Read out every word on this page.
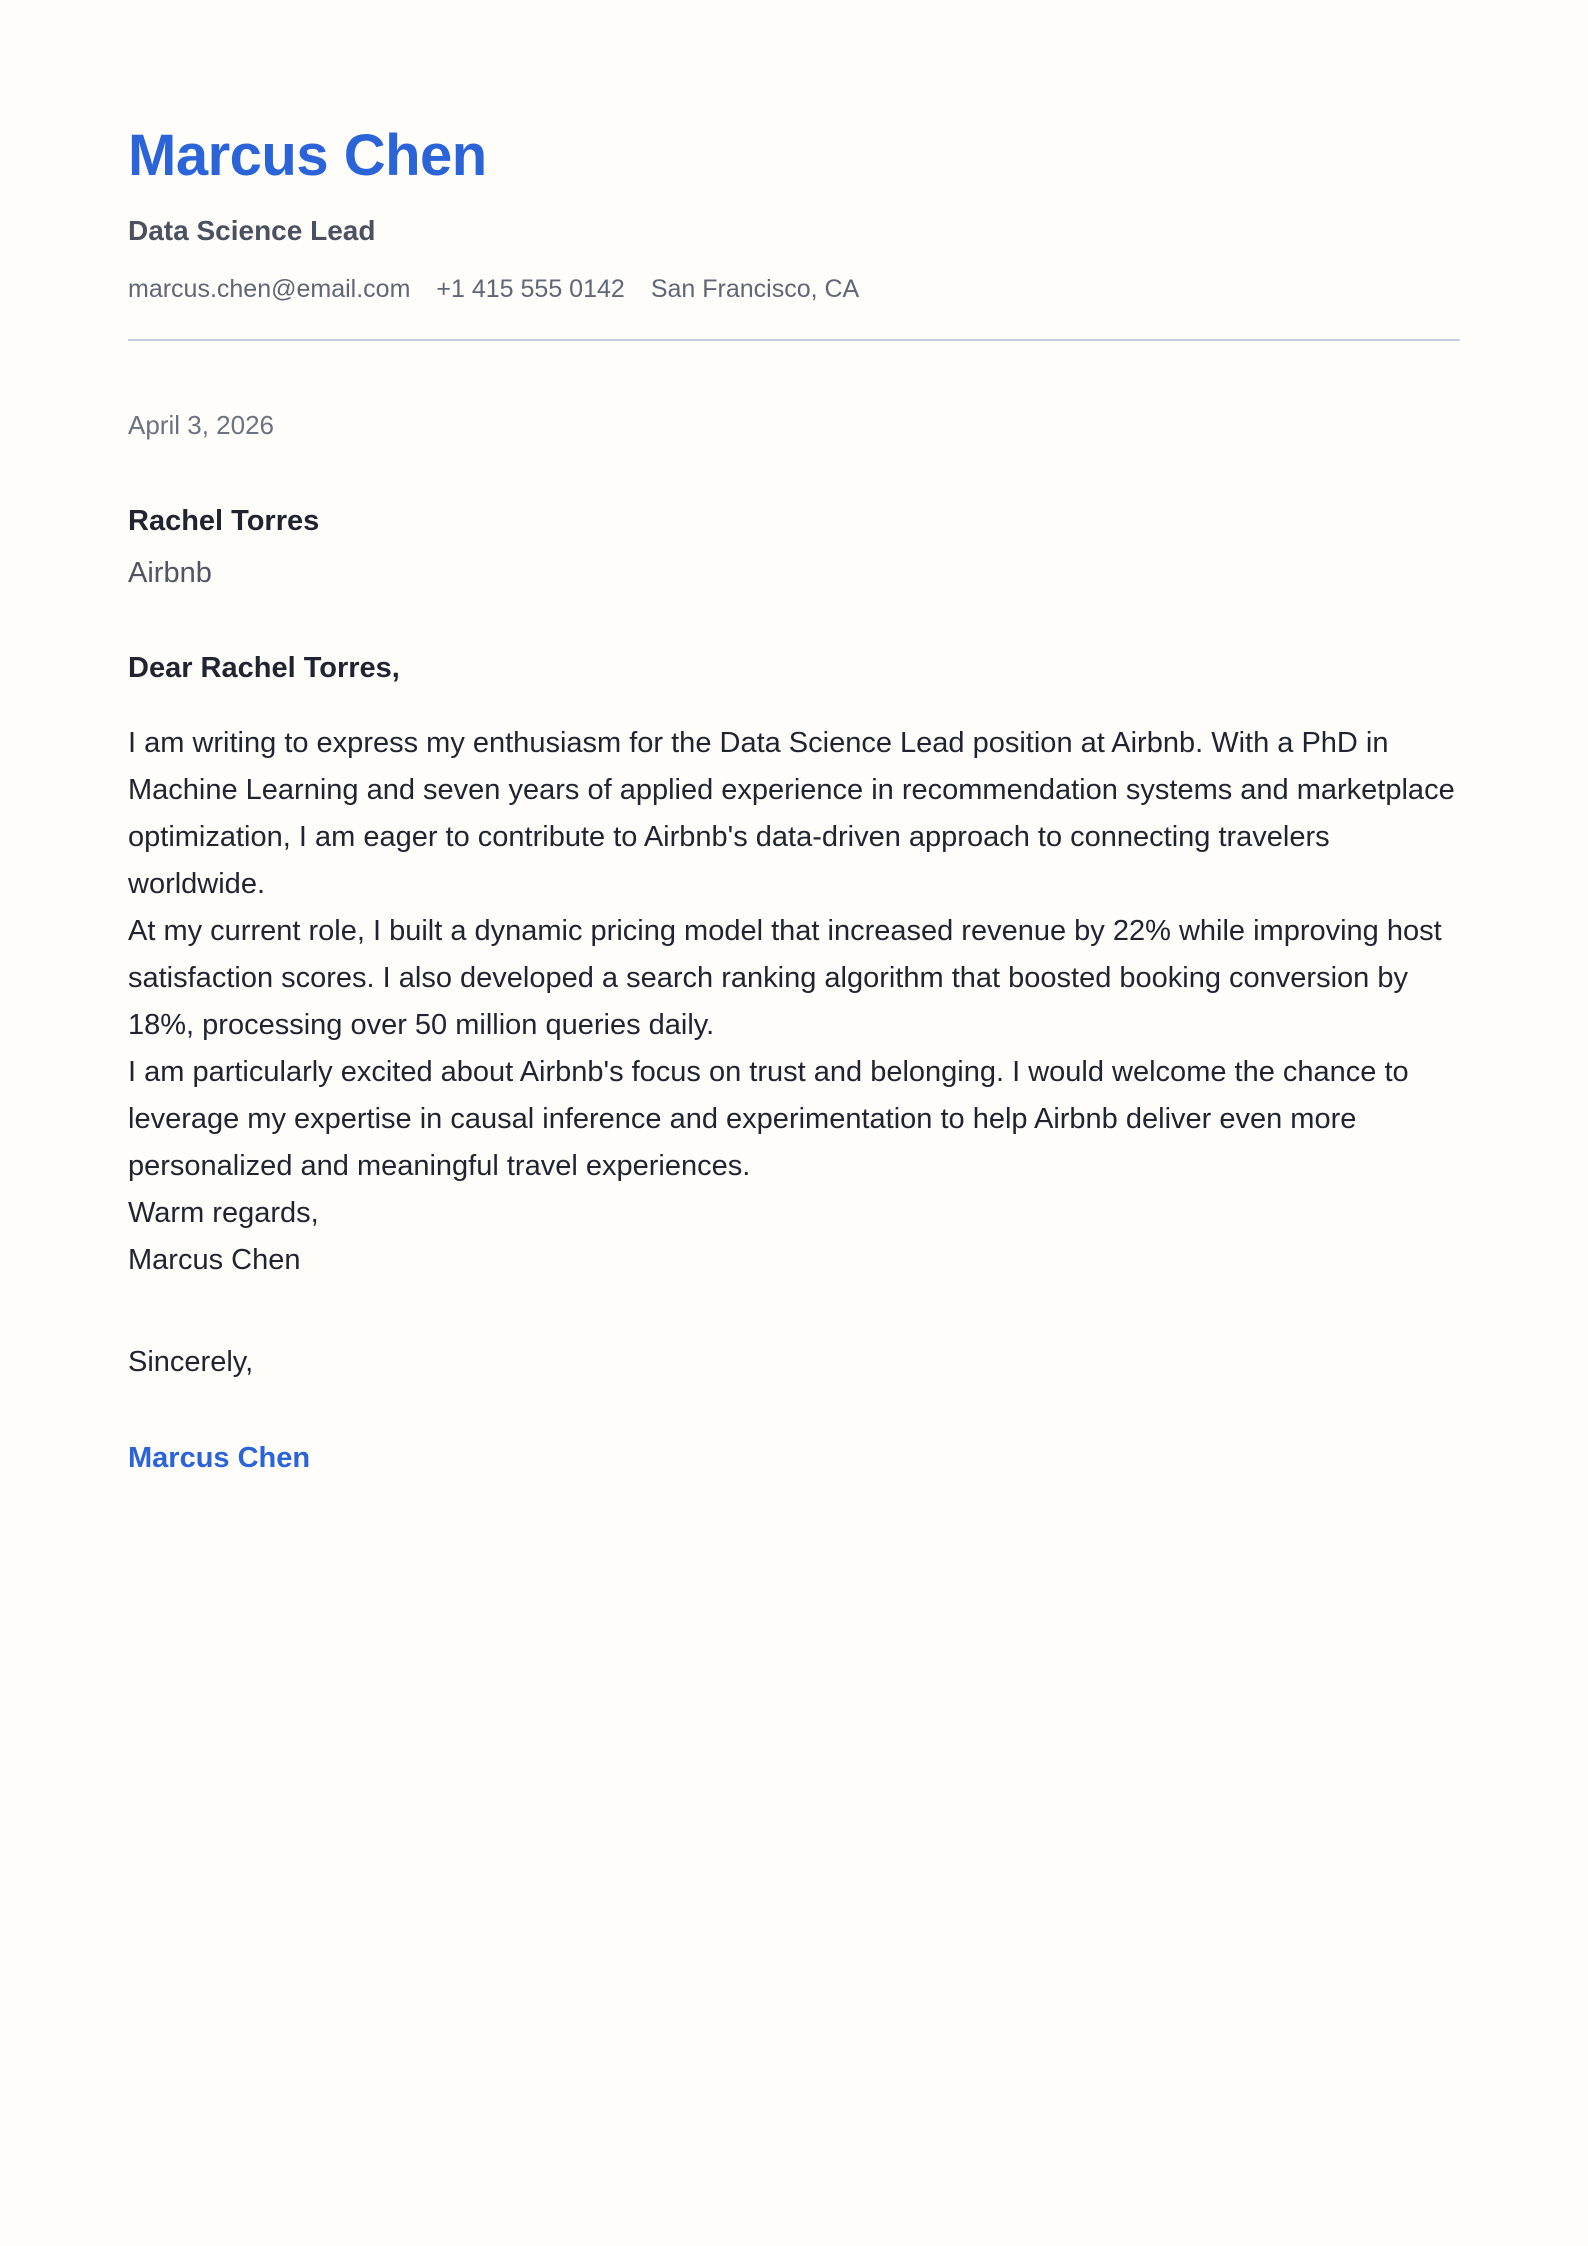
Marcus Chen
Data Science Lead
marcus.chen@email.com +1 415 555 0142 San Francisco, CA
April 3, 2026
Rachel Torres
Airbnb
Dear Rachel Torres,

I am writing to express my enthusiasm for the Data Science Lead position at Airbnb. With a PhD in Machine Learning and seven years of applied experience in recommendation systems and marketplace optimization, I am eager to contribute to Airbnb's data-driven approach to connecting travelers worldwide.

At my current role, I built a dynamic pricing model that increased revenue by 22% while improving host satisfaction scores. I also developed a search ranking algorithm that boosted booking conversion by 18%, processing over 50 million queries daily.

I am particularly excited about Airbnb's focus on trust and belonging. I would welcome the chance to leverage my expertise in causal inference and experimentation to help Airbnb deliver even more personalized and meaningful travel experiences.

Warm regards,

Marcus Chen

Sincerely,
Marcus Chen
